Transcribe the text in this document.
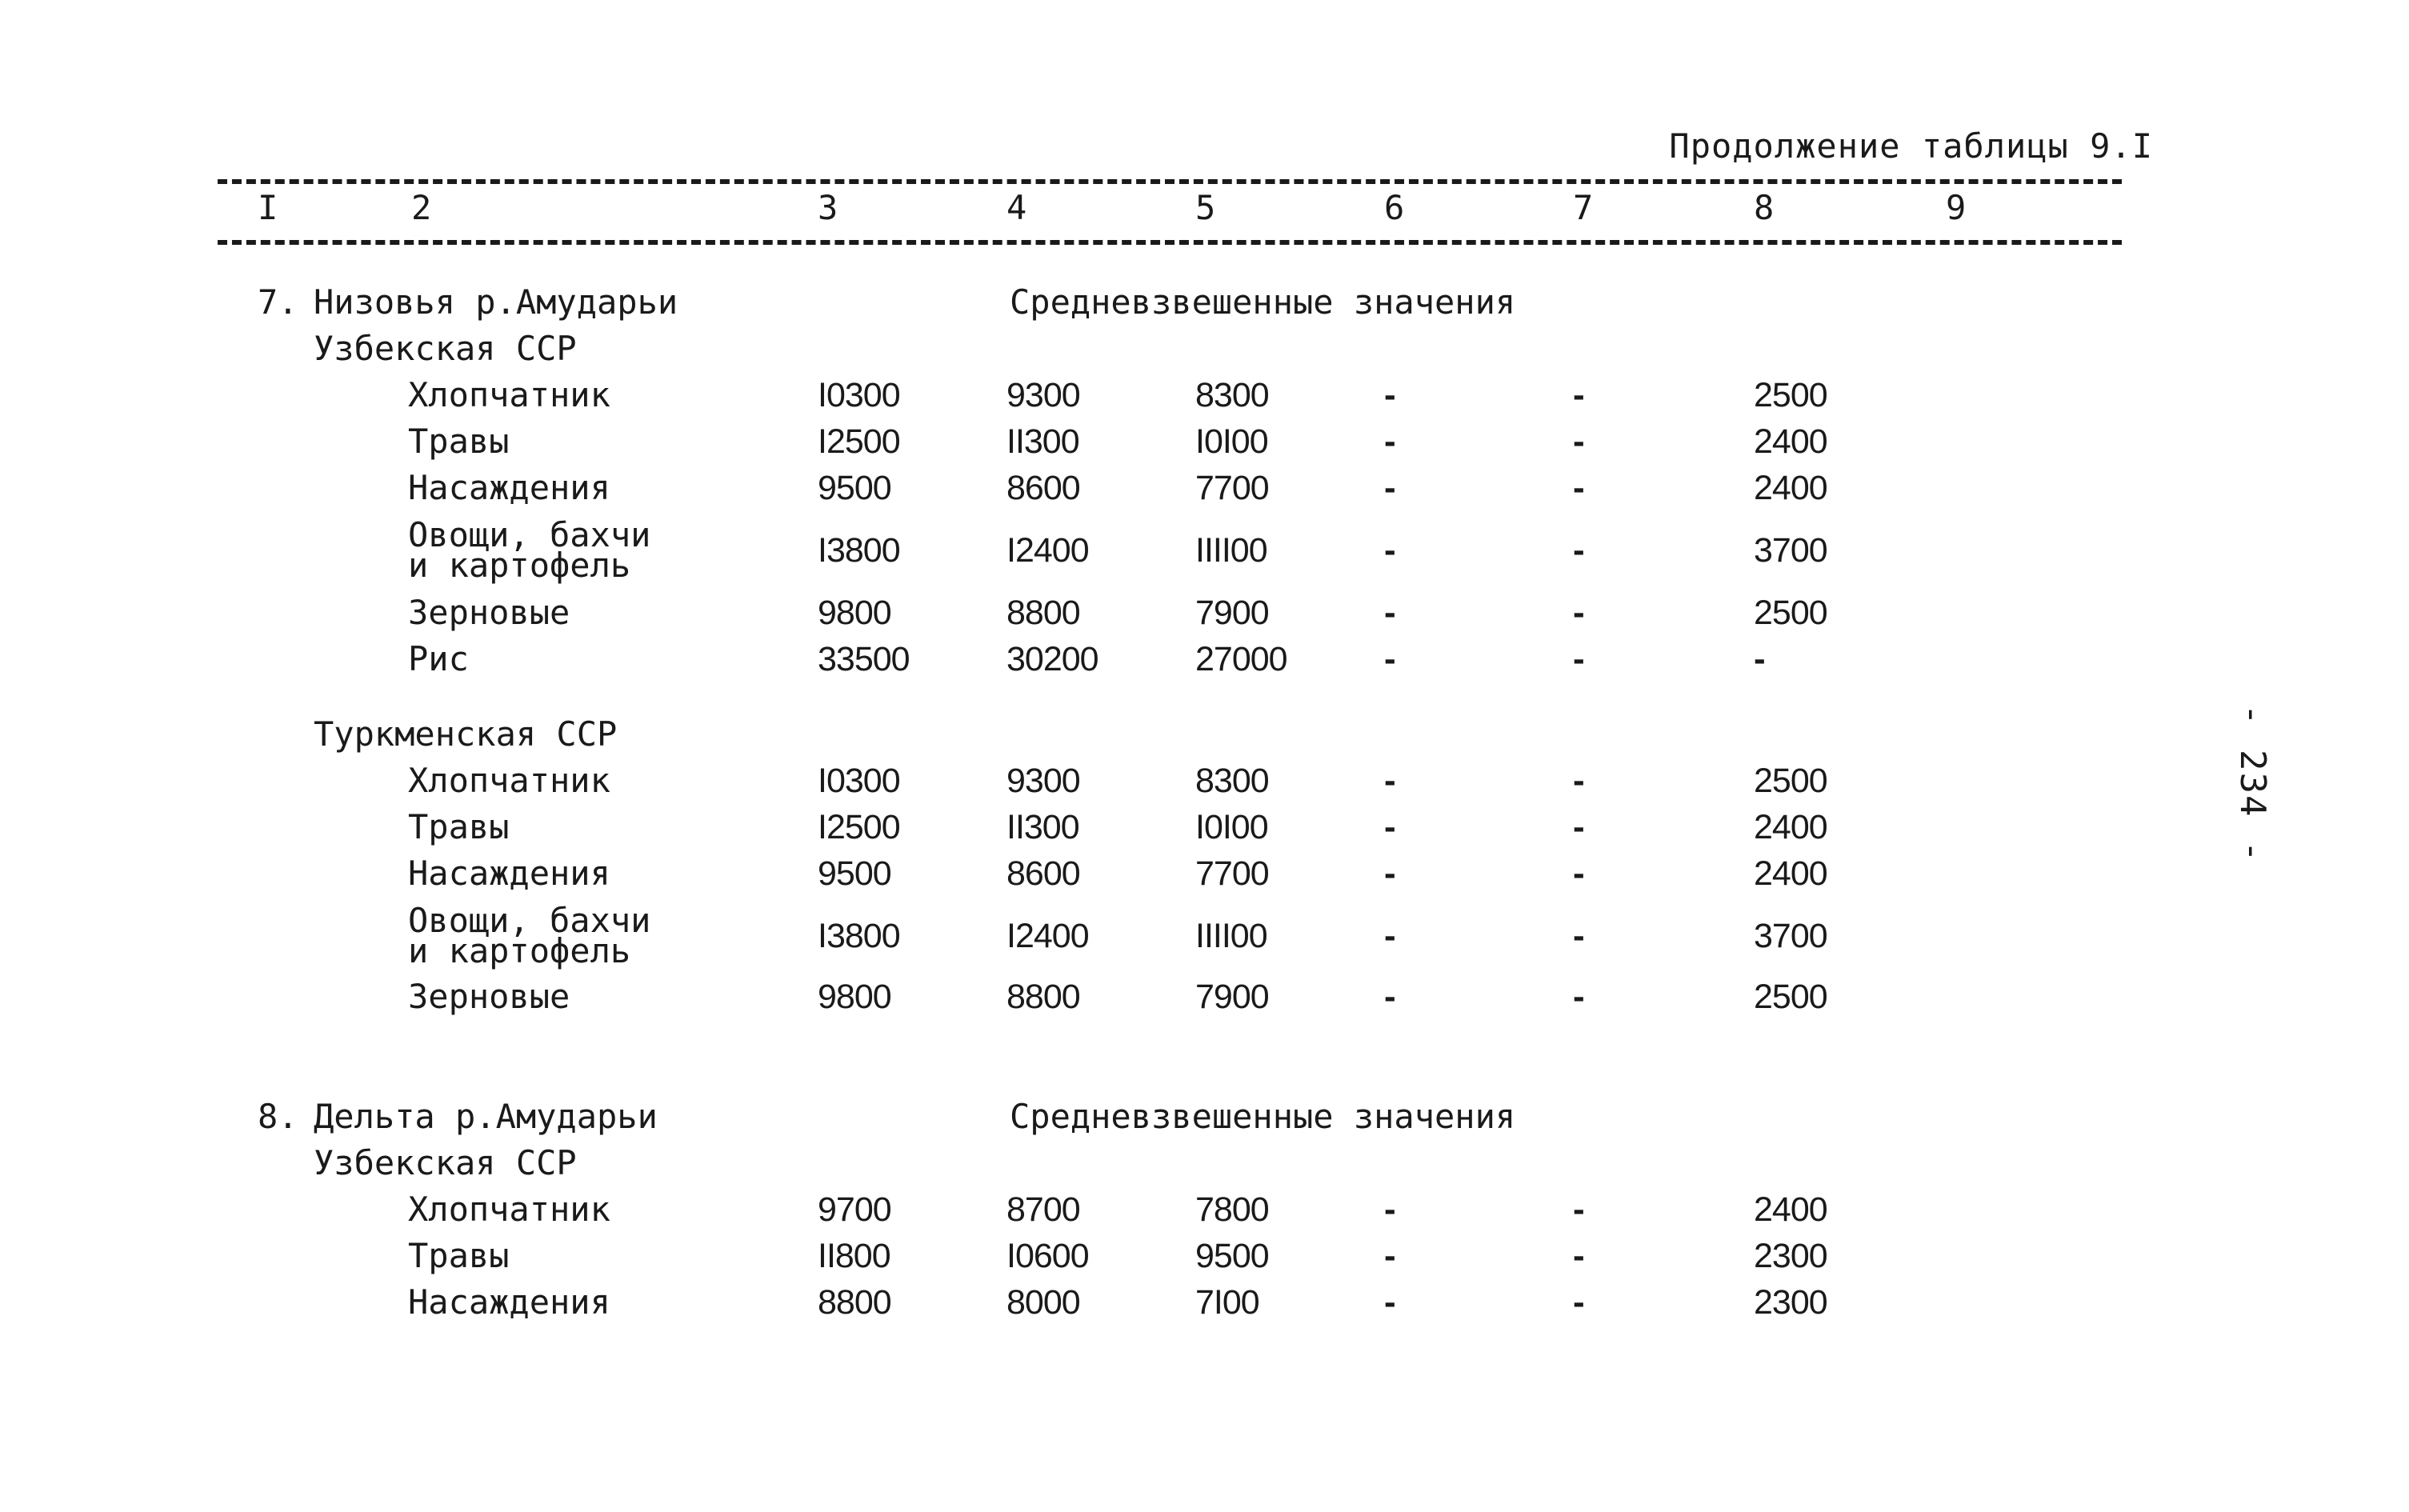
Продолжение таблицы 9.I
I	2	3	4	5	6	7	8	9
7. Низовья р.Амударьи	Средневзвешенные значения
Узбекская ССР
Хлопчатник	I0300	9300	8300	-	-	2500
Травы	I2500	II300	I0I00	-	-	2400
Насаждения	9500	8600	7700	-	-	2400
Овощи, бахчи
и картофель	I3800	I2400	IIII00	-	-	3700
Зерновые	9800	8800	7900	-	-	2500
Рис	33500	30200	27000	-	-	-
Туркменская ССР
Хлопчатник	I0300	9300	8300	-	-	2500
Травы	I2500	II300	I0I00	-	-	2400
Насаждения	9500	8600	7700	-	-	2400
Овощи, бахчи
и картофель	I3800	I2400	IIII00	-	-	3700
Зерновые	9800	8800	7900	-	-	2500
8. Дельта р.Амударьи	Средневзвешенные значения
Узбекская ССР
Хлопчатник	9700	8700	7800	-	-	2400
Травы	II800	I0600	9500	-	-	2300
Насаждения	8800	8000	7I00	-	-	2300
- 234 -
